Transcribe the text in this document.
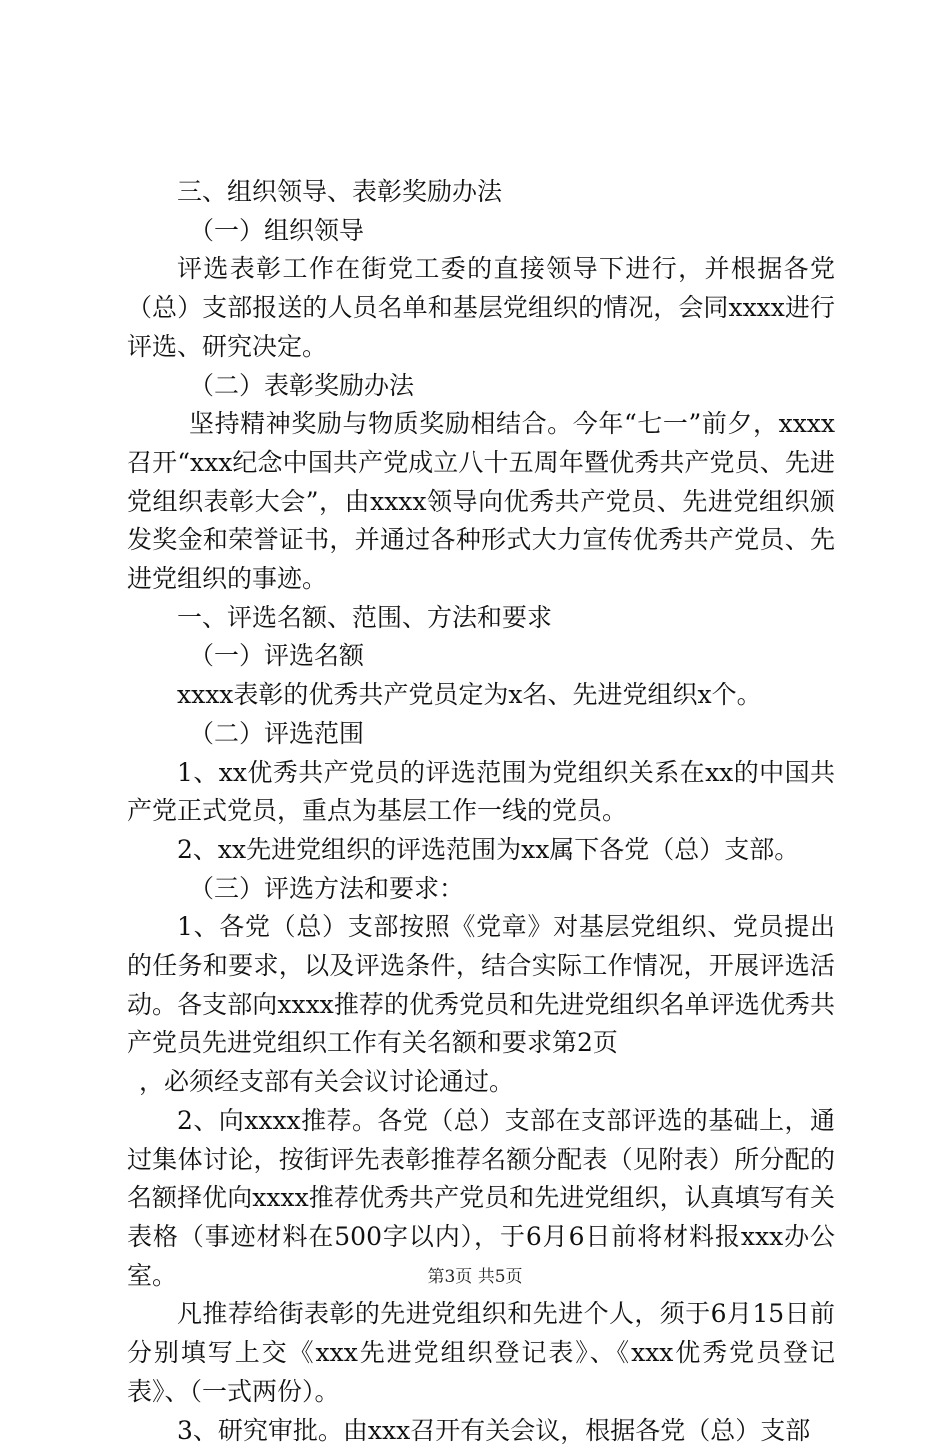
三、组织领导、表彰奖励办法

（一）组织领导

评选表彰工作在街党工委的直接领导下进行，并根据各党（总）支部报送的人员名单和基层党组织的情况，会同xxxx进行评选、研究决定。

（二）表彰奖励办法

坚持精神奖励与物质奖励相结合。今年“七一”前夕，xxxx召开“xxx纪念中国共产党成立八十五周年暨优秀共产党员、先进党组织表彰大会”，由xxxx领导向优秀共产党员、先进党组织颁发奖金和荣誉证书，并通过各种形式大力宣传优秀共产党员、先进党组织的事迹。

一、评选名额、范围、方法和要求

（一）评选名额

xxxx表彰的优秀共产党员定为x名、先进党组织x个。

（二）评选范围

1、xx优秀共产党员的评选范围为党组织关系在xx的中国共产党正式党员，重点为基层工作一线的党员。

2、xx先进党组织的评选范围为xx属下各党（总）支部。

（三）评选方法和要求：

1、各党（总）支部按照《党章》对基层党组织、党员提出的任务和要求，以及评选条件，结合实际工作情况，开展评选活动。各支部向xxxx推荐的优秀党员和先进党组织名单评选优秀共产党员先进党组织工作有关名额和要求第2页

，必须经支部有关会议讨论通过。

2、向xxxx推荐。各党（总）支部在支部评选的基础上，通过集体讨论，按街评先表彰推荐名额分配表（见附表）所分配的名额择优向xxxx推荐优秀共产党员和先进党组织，认真填写有关表格（事迹材料在500字以内），于6月6日前将材料报xxx办公室。

凡推荐给街表彰的先进党组织和先进个人，须于6月15日前分别填写上交《xxx先进党组织登记表》、《xxx优秀党员登记表》、（一式两份）。

3、研究审批。由xxx召开有关会议，根据各党（总）支部

第3页 共5页
